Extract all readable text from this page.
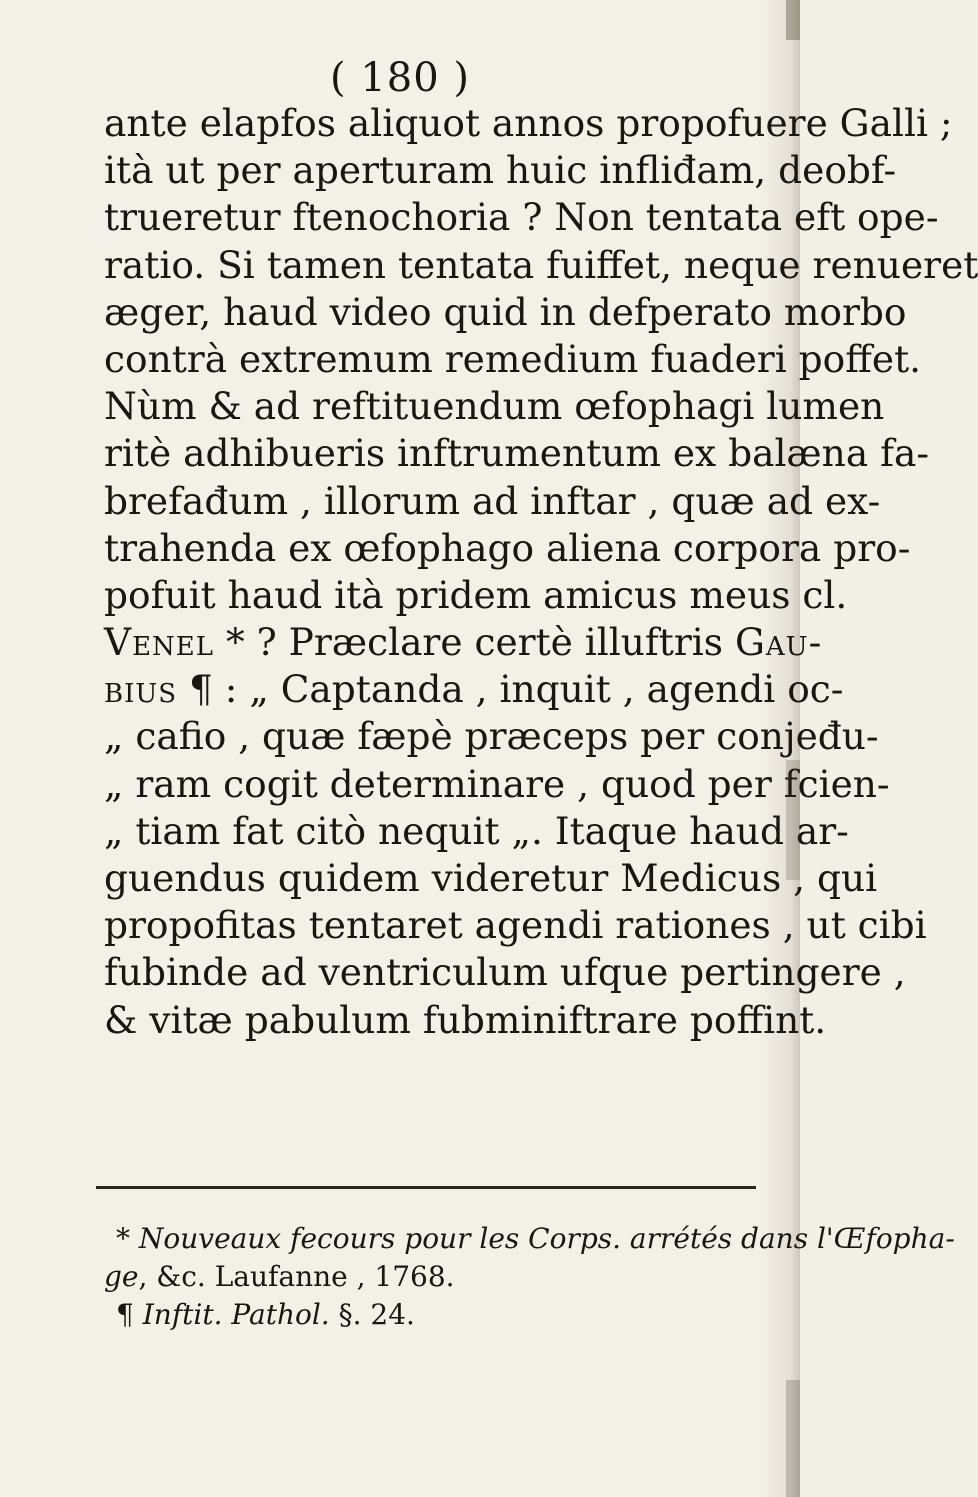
( 180 )
ante elapfos aliquot annos propofuere Galli ;
ità ut per aperturam huic infliđam, deobf-
trueretur ftenochoria ? Non tentata eft ope-
ratio. Si tamen tentata fuiffet, neque renueret
æger, haud video quid in defperato morbo
contrà extremum remedium fuaderi poffet.
Nùm & ad reftituendum œfophagi lumen
ritè adhibueris inftrumentum ex balæna fa-
brefađum , illorum ad inftar , quæ ad ex-
trahenda ex œfophago aliena corpora pro-
pofuit haud ità pridem amicus meus cl.
Venel * ? Præclare certè illuftris Gau-
bius ¶ : „ Captanda , inquit , agendi oc-
„ cafio , quæ fæpè præceps per conjeđu-
„ ram cogit determinare , quod per fcien-
„ tiam fat citò nequit „. Itaque haud ar-
guendus quidem videretur Medicus , qui
propofitas tentaret agendi rationes , ut cibi
fubinde ad ventriculum ufque pertingere ,
& vitæ pabulum fubminiftrare poffint.
* Nouveaux fecours pour les Corps. arrétés dans l'Œfopha-
ge, &c. Laufanne , 1768.
¶ Inftit. Pathol. §. 24.
